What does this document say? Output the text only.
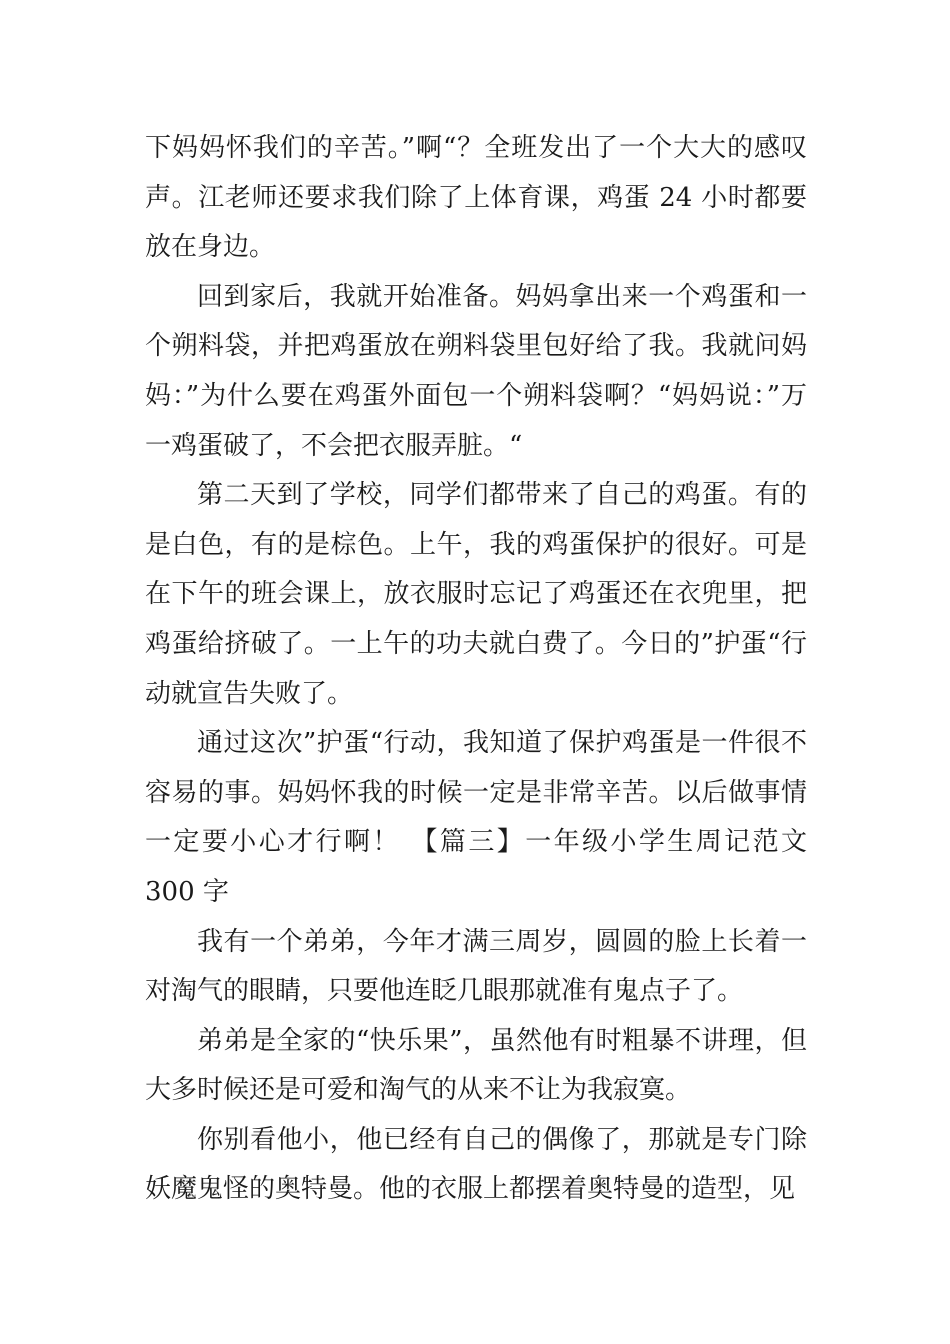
下妈妈怀我们的辛苦。”啊“？全班发出了一个大大的感叹声。江老师还要求我们除了上体育课，鸡蛋 24 小时都要放在身边。

回到家后，我就开始准备。妈妈拿出来一个鸡蛋和一个朔料袋，并把鸡蛋放在朔料袋里包好给了我。我就问妈妈：”为什么要在鸡蛋外面包一个朔料袋啊？“妈妈说：”万一鸡蛋破了，不会把衣服弄脏。“

第二天到了学校，同学们都带来了自己的鸡蛋。有的是白色，有的是棕色。上午，我的鸡蛋保护的很好。可是在下午的班会课上，放衣服时忘记了鸡蛋还在衣兜里，把鸡蛋给挤破了。一上午的功夫就白费了。今日的”护蛋“行动就宣告失败了。

通过这次”护蛋“行动，我知道了保护鸡蛋是一件很不容易的事。妈妈怀我的时候一定是非常辛苦。以后做事情一定要小心才行啊！ 【篇三】一年级小学生周记范文 300 字

我有一个弟弟，今年才满三周岁，圆圆的脸上长着一对淘气的眼睛，只要他连眨几眼那就准有鬼点子了。

弟弟是全家的“快乐果”，虽然他有时粗暴不讲理，但大多时候还是可爱和淘气的从来不让为我寂寞。

你别看他小，他已经有自己的偶像了，那就是专门除妖魔鬼怪的奥特曼。他的衣服上都摆着奥特曼的造型，见
